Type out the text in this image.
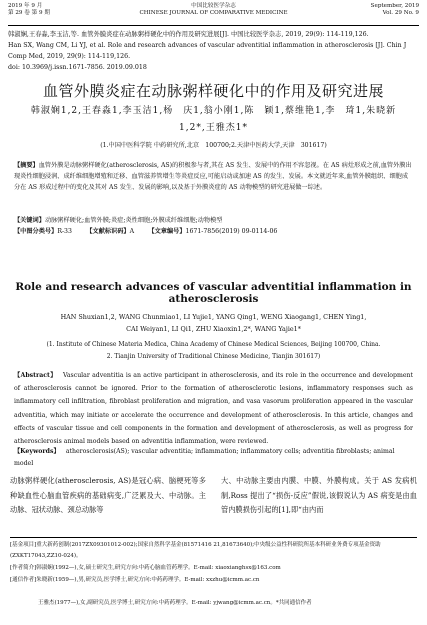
2019 年 9 月
第 29 卷 第 9 期
中国比较医学杂志
CHINESE JOURNAL OF COMPARATIVE MEDICINE
September, 2019
Vol. 29 No. 9
韩淑娴,王春淼,李玉洁,等. 血管外膜炎症在动脉粥样硬化中的作用及研究进展[J]. 中国比较医学杂志, 2019, 29(9): 114-119,126.
Han SX, Wang CM, Li YJ, et al. Role and research advances of vascular adventitial inflammation in atherosclerosis [J]. Chin J Comp Med, 2019, 29(9): 114-119,126.
doi: 10.3969/j.issn.1671-7856. 2019.09.018
血管外膜炎症在动脉粥样硬化中的作用及研究进展
韩淑娴1,2,王春淼1,李玉洁1,杨　庆1,翁小刚1,陈　颖1,蔡维艳1,李　琦1,朱晓新1,2*,王雅杰1*
(1.中国中医科学院 中药研究所,北京　100700;2.天津中医药大学,天津　301617)
【摘要】血管外膜是动脉粥样硬化(atherosclerosis, AS)的积极参与者,其在 AS 发生、发展中的作用不容忽视。在 AS 病灶形成之前,血管外膜出现炎性细胞浸润、成纤维细胞增殖和迁移、血管滋养管增生等炎症反应,可能启动或加速 AS 的发生、发展。本文就近年来,血管外膜组织、细胞成分在 AS 形成过程中的变化及其对 AS 发生、发展的影响,以及基于外膜炎症的 AS 动物模型的研究进展做一综述。
【关键词】动脉粥样硬化;血管外膜;炎症;炎性细胞;外膜成纤维细胞;动物模型
【中图分类号】R-33    【文献标识码】A    【文章编号】1671-7856(2019) 09-0114-06
Role and research advances of vascular adventitial inflammation in atherosclerosis
HAN Shuxian1,2, WANG Chunmiao1, LI Yujie1, YANG Qing1, WENG Xiaogang1, CHEN Ying1,
CAI Weiyan1, LI Qi1, ZHU Xiaoxin1,2*, WANG Yajie1*
(1. Institute of Chinese Materia Medica, China Academy of Chinese Medical Sciences, Beijing 100700, China.
2. Tianjin University of Traditional Chinese Medicine, Tianjin 301617)
【Abstract】  Vascular adventitia is an active participant in atherosclerosis, and its role in the occurrence and development of atherosclerosis cannot be ignored. Prior to the formation of atherosclerotic lesions, inflammatory responses such as inflammatory cell infiltration, fibroblast proliferation and migration, and vasa vasorum proliferation appeared in the vascular adventitia, which may initiate or accelerate the occurrence and development of atherosclerosis. In this article, changes and effects of vascular tissue and cell components in the formation and development of atherosclerosis, as well as progress for atherosclerosis animal models based on adventitia inflammation, were reviewed.
【Keywords】  atherosclerosis(AS); vascular adventitia; inflammation; inflammatory cells; adventitia fibroblasts; animal model
动脉粥样硬化(atherosclerosis, AS)是冠心病、脑梗死等多种缺血性心脑血管疾病的基础病变,广泛累及大、中动脉。主动脉、冠状动脉、颈总动脉等
大、中动脉主要由内膜、中膜、外膜构成。关于 AS 发病机制,Ross 提出了“损伤-反应”假说,该假说认为 AS 病变是由血管内膜损伤引起的[1],即“由内而
[基金项目]重大新药创制(2017ZX09301012-002);国家自然科学基金(81571416 21,81673640);中央级公益性科研院所基本科研业务费专项基金资助(ZXKT17043,ZZ10-024)。
[作者简介]韩淑娴(1992—),女,硕士研究生,研究方向:中药心脑血管药理学。E-mail: xiaoxianghsx@163.com
[通信作者]朱晓新(1959—),男,研究员,医学博士,研究方向:中药药理学。E-mail: xxzhu@icmm.ac.cn
王雅杰(1977—),女,副研究员,医学博士,研究方向:中药药理学。E-mail: yjwang@icmm.ac.cn。*共同通信作者
